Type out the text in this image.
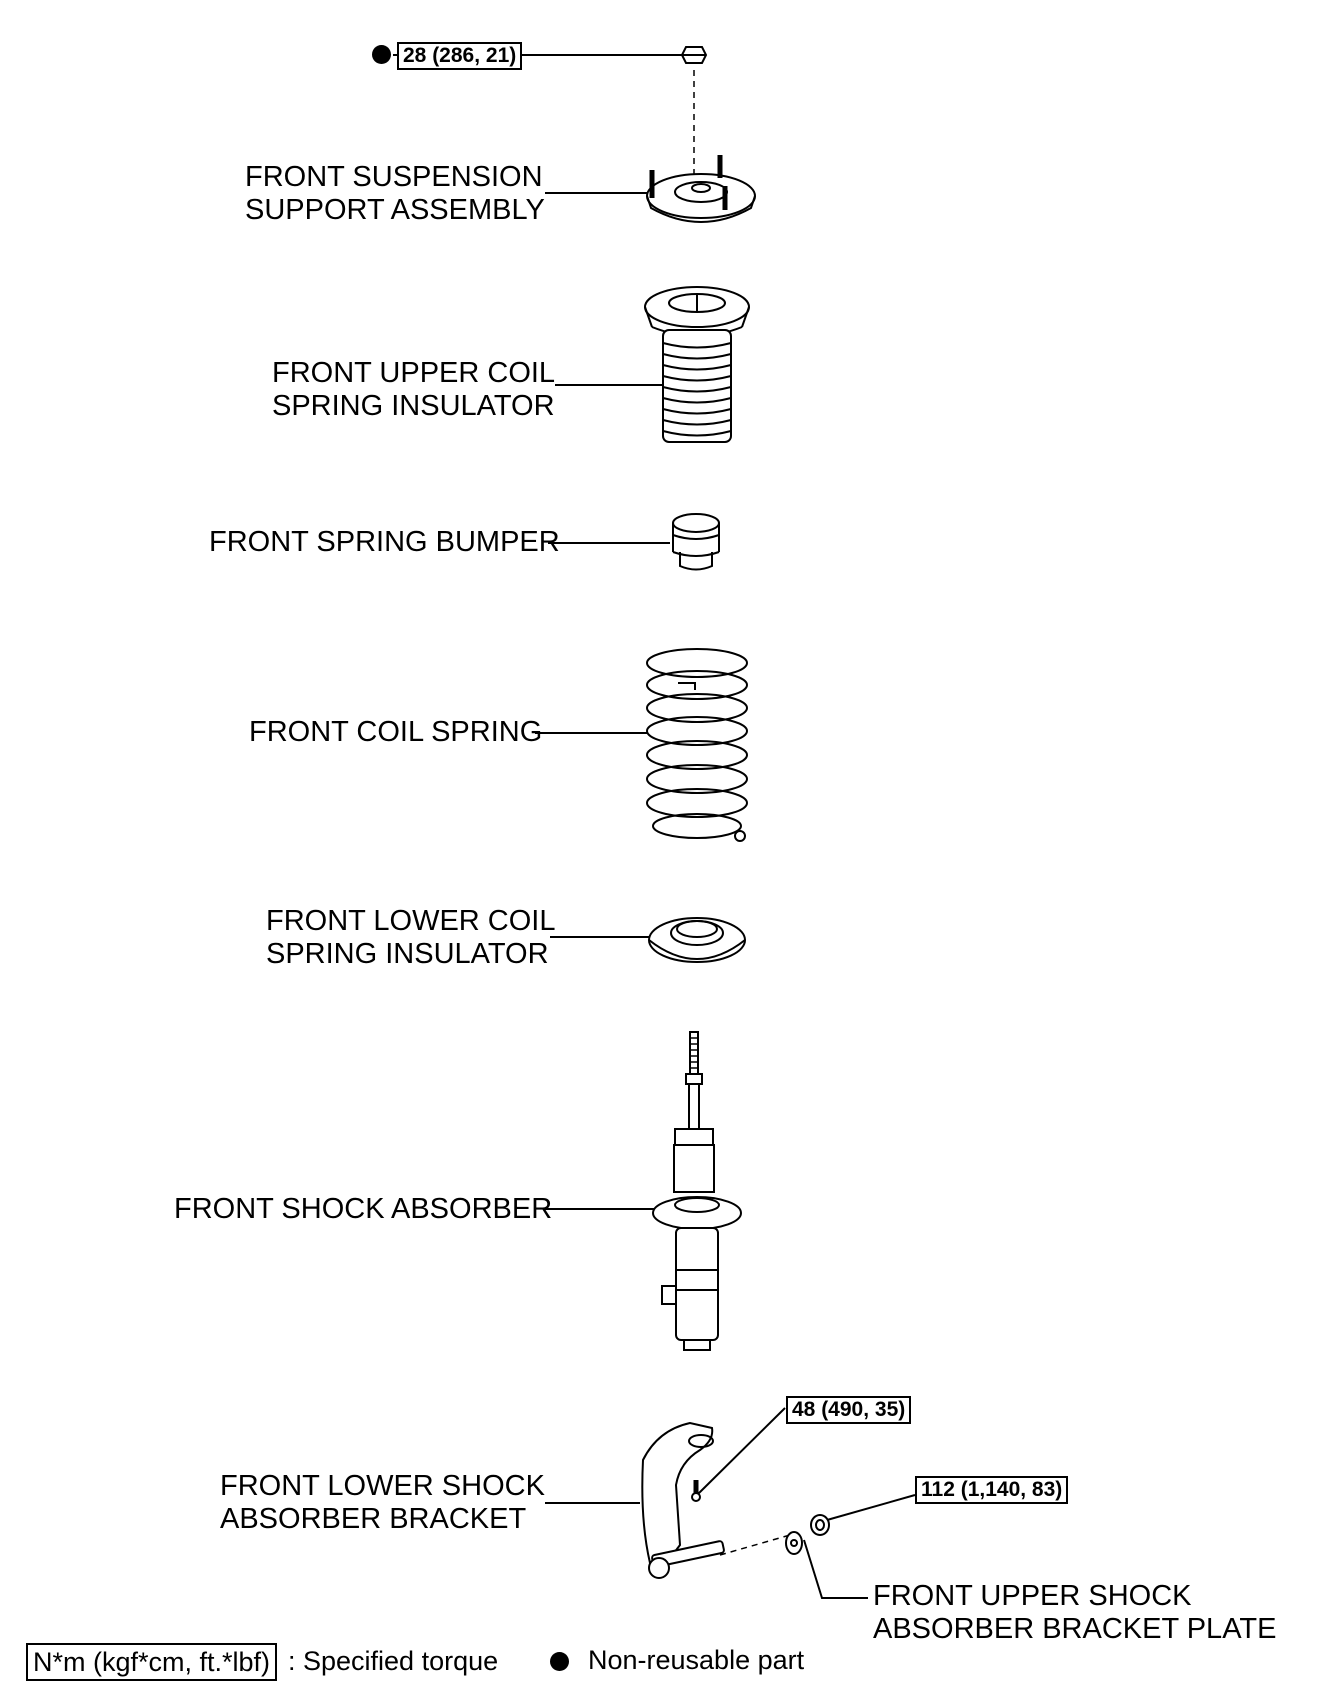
28 (286, 21)
48 (490, 35)
112 (1,140, 83)
FRONT SUSPENSION
SUPPORT ASSEMBLY
FRONT UPPER COIL
SPRING INSULATOR
FRONT SPRING BUMPER
FRONT COIL SPRING
FRONT LOWER COIL
SPRING INSULATOR
FRONT SHOCK ABSORBER
FRONT LOWER SHOCK
ABSORBER BRACKET
FRONT UPPER SHOCK
ABSORBER BRACKET PLATE
N*m (kgf*cm, ft.*lbf) : Specified torque	Non-reusable part
